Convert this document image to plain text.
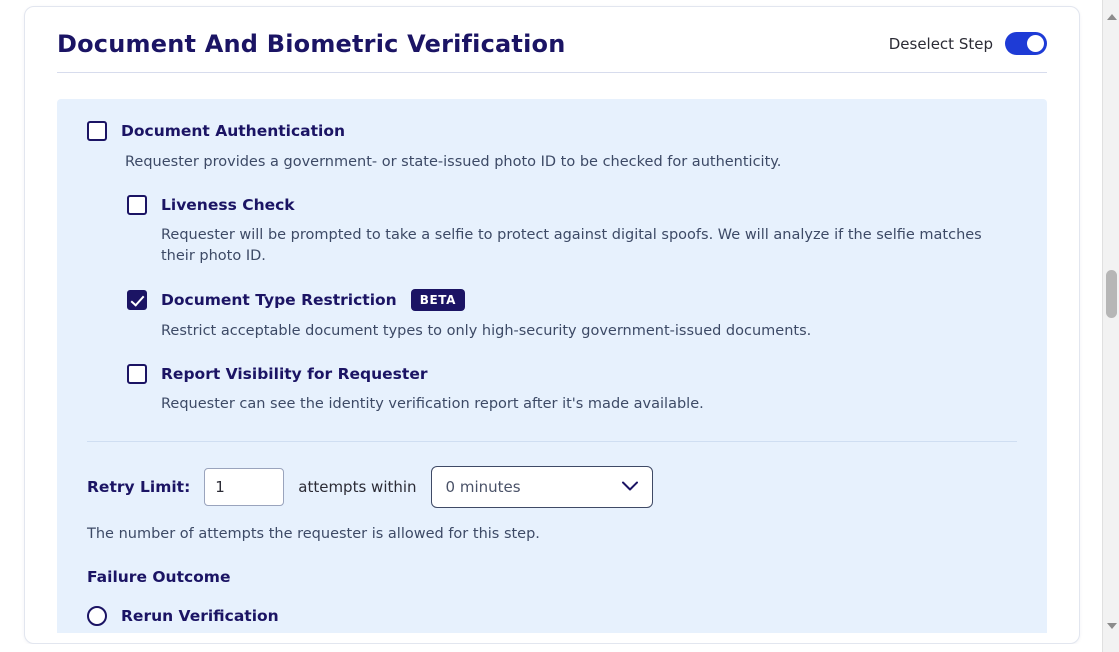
Document And Biometric Verification	Deselect Step
Document Authentication
Requester provides a government- or state-issued photo ID to be checked for authenticity.
Liveness Check
Requester will be prompted to take a selfie to protect against digital spoofs. We will analyze if the selfie matches their photo ID.
Document Type Restriction	BETA
Restrict acceptable document types to only high-security government-issued documents.
Report Visibility for Requester
Requester can see the identity verification report after it's made available.
Retry Limit:
1	attempts within 0 minutes
The number of attempts the requester is allowed for this step.
Failure Outcome
Rerun Verification
